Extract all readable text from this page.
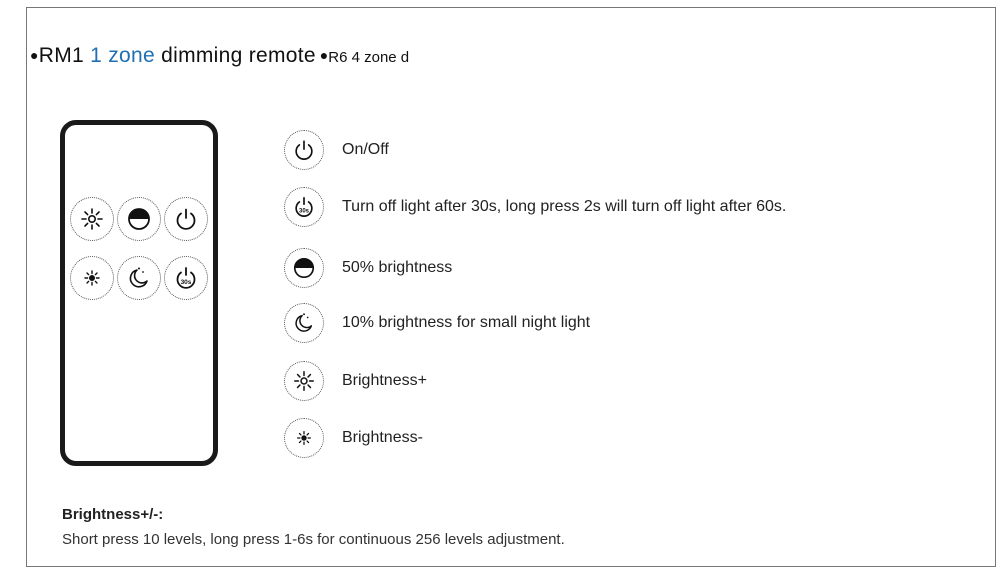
●RM1 1 zone dimming remote ●R6 4 zone d
30s
On/Off
30s Turn off light after 30s, long press 2s will turn off light after 60s.
50% brightness
10% brightness for small night light
Brightness+
Brightness-
Brightness+/-:
Short press 10 levels, long press 1-6s for continuous 256 levels adjustment.
